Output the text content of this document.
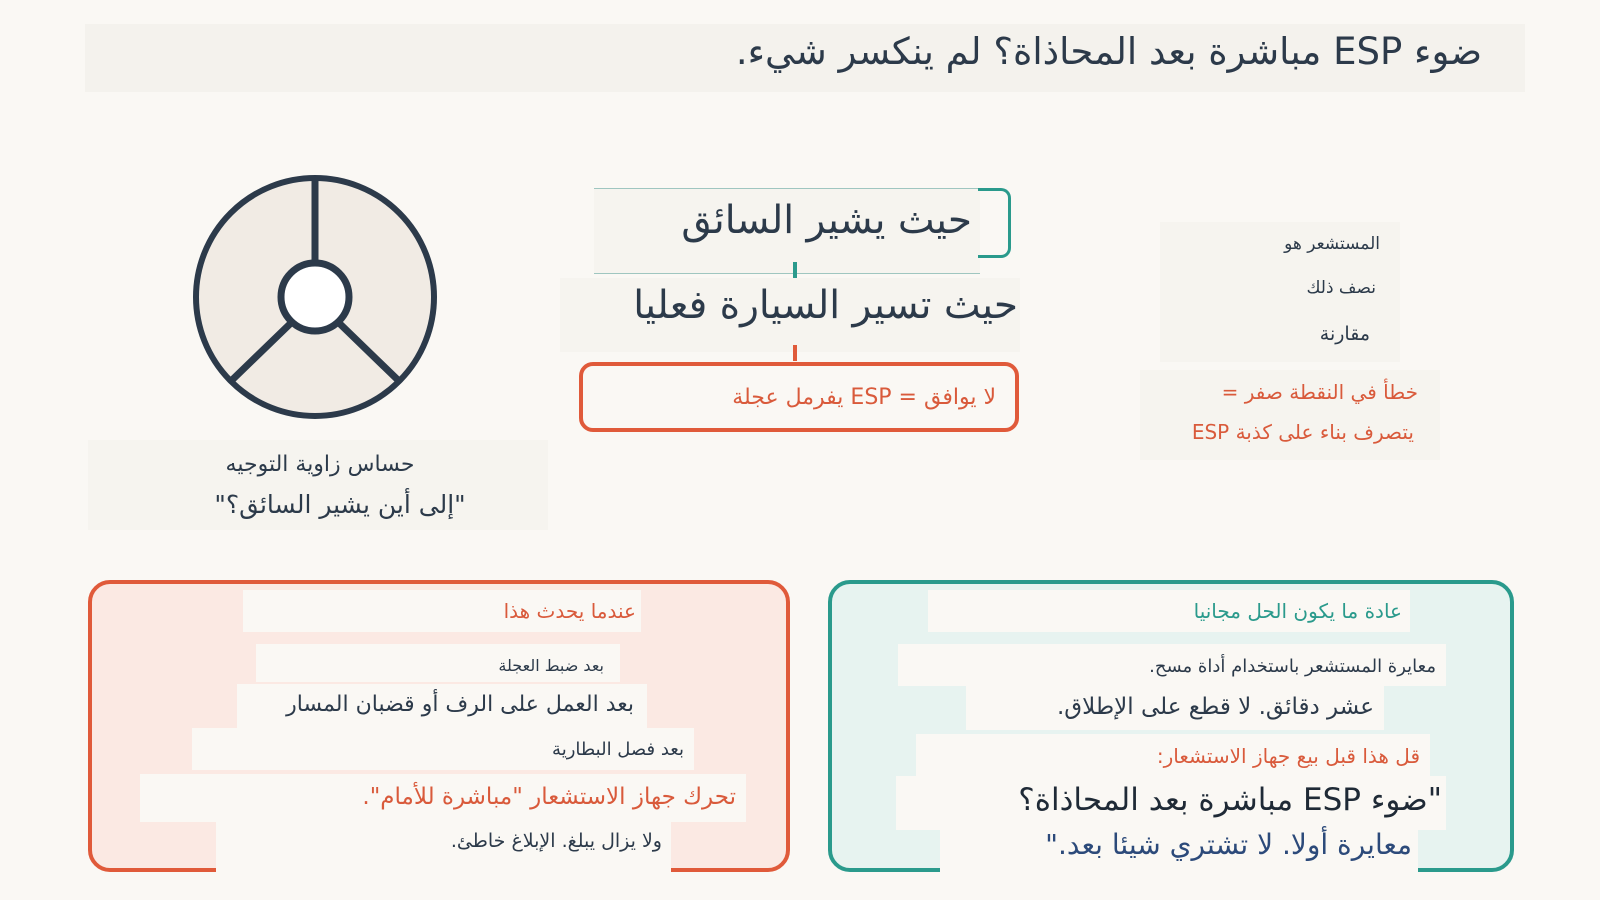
ضوء ESP مباشرة بعد المحاذاة؟ لم ينكسر شيء.
حساس زاوية التوجيه
"إلى أين يشير السائق؟"
حيث يشير السائق
حيث تسير السيارة فعليا
لا يوافق = ESP يفرمل عجلة
المستشعر هو
نصف ذلك
مقارنة
خطأ في النقطة صفر =
يتصرف بناء على كذبة ESP
عندما يحدث هذا
بعد ضبط العجلة
بعد العمل على الرف أو قضبان المسار
بعد فصل البطارية
تحرك جهاز الاستشعار "مباشرة للأمام".
ولا يزال يبلغ. الإبلاغ خاطئ.
عادة ما يكون الحل مجانيا
معايرة المستشعر باستخدام أداة مسح.
عشر دقائق. لا قطع على الإطلاق.
قل هذا قبل بيع جهاز الاستشعار:
"ضوء ESP مباشرة بعد المحاذاة؟
معايرة أولا. لا تشتري شيئا بعد."
